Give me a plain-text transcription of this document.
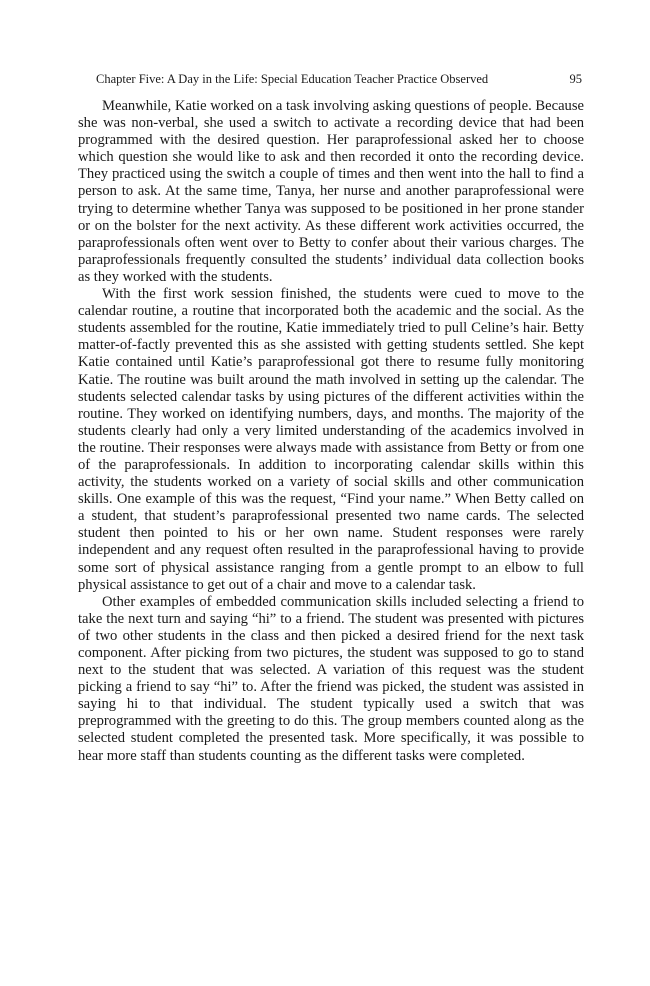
Chapter Five: A Day in the Life: Special Education Teacher Practice Observed	95

Meanwhile, Katie worked on a task involving asking questions of people. Because she was non-verbal, she used a switch to activate a recording device that had been programmed with the desired question. Her paraprofessional asked her to choose which question she would like to ask and then recorded it onto the recording device. They practiced using the switch a couple of times and then went into the hall to find a person to ask. At the same time, Tanya, her nurse and another paraprofessional were trying to determine whether Tanya was supposed to be positioned in her prone stander or on the bolster for the next activity. As these different work activities occurred, the paraprofessionals often went over to Betty to confer about their various charges. The paraprofessionals frequently consulted the students’ individual data collection books as they worked with the students.

With the first work session finished, the students were cued to move to the calendar routine, a routine that incorporated both the academic and the social. As the students assembled for the routine, Katie immediately tried to pull Celine’s hair. Betty matter-of-factly prevented this as she assisted with getting students settled. She kept Katie contained until Katie’s paraprofessional got there to resume fully monitoring Katie. The routine was built around the math involved in setting up the calendar. The students selected calendar tasks by using pictures of the different activities within the routine. They worked on identifying numbers, days, and months. The majority of the students clearly had only a very limited understanding of the academics involved in the routine. Their responses were always made with assistance from Betty or from one of the paraprofessionals. In addition to incorporating calendar skills within this activity, the students worked on a variety of social skills and other communication skills. One example of this was the request, “Find your name.” When Betty called on a student, that student’s paraprofessional presented two name cards. The selected student then pointed to his or her own name. Student responses were rarely independent and any request often resulted in the paraprofessional having to provide some sort of physical assistance ranging from a gentle prompt to an elbow to full physical assistance to get out of a chair and move to a calendar task.

Other examples of embedded communication skills included selecting a friend to take the next turn and saying “hi” to a friend. The student was presented with pictures of two other students in the class and then picked a desired friend for the next task component. After picking from two pictures, the student was supposed to go to stand next to the student that was selected. A variation of this request was the student picking a friend to say “hi” to. After the friend was picked, the student was assisted in saying hi to that individual. The student typically used a switch that was preprogrammed with the greeting to do this. The group members counted along as the selected student completed the presented task. More specifically, it was possible to hear more staff than students counting as the different tasks were completed.
